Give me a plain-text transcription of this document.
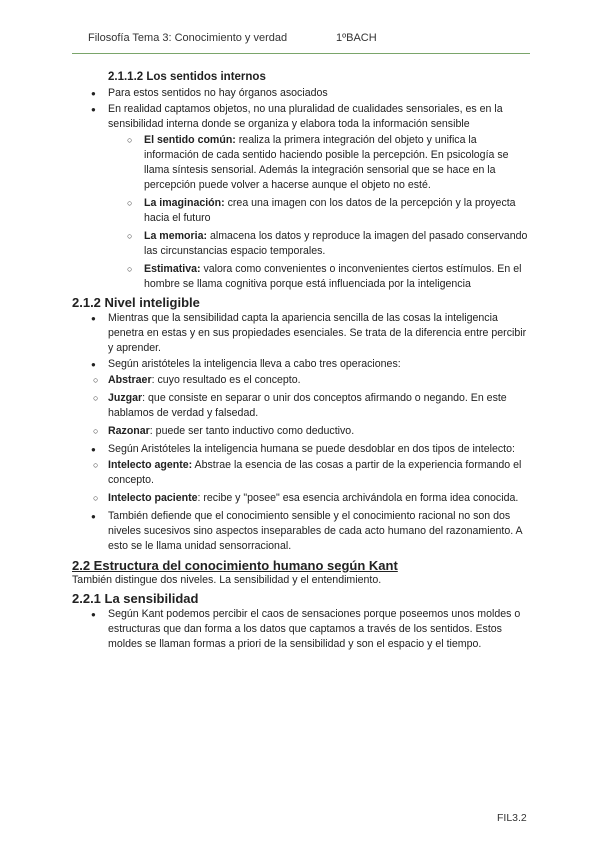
Filosofía Tema 3: Conocimiento y verdad	1ºBACH
2.1.1.2 Los sentidos internos
● Para estos sentidos no hay órganos asociados
● En realidad captamos objetos, no una pluralidad de cualidades sensoriales, es en la sensibilidad interna donde se organiza y elabora toda la información sensible
○ El sentido común: realiza la primera integración del objeto y unifica la información de cada sentido haciendo posible la percepción. En psicología se llama síntesis sensorial. Además la integración sensorial que se hace en la percepción puede volver a hacerse aunque el objeto no esté.
○ La imaginación: crea una imagen con los datos de la percepción y la proyecta hacia el futuro
○ La memoria: almacena los datos y reproduce la imagen del pasado conservando las circunstancias espacio temporales.
○ Estimativa: valora como convenientes o inconvenientes ciertos estímulos. En el hombre se llama cognitiva porque está influenciada por la inteligencia
2.1.2 Nivel inteligible
● Mientras que la sensibilidad capta la apariencia sencilla de las cosas la inteligencia penetra en estas y en sus propiedades esenciales. Se trata de la diferencia entre percibir y aprender.
● Según aristóteles la inteligencia lleva a cabo tres operaciones:
○ Abstraer: cuyo resultado es el concepto.
○ Juzgar: que consiste en separar o unir dos conceptos afirmando o negando. En este hablamos de verdad y falsedad.
○ Razonar: puede ser tanto inductivo como deductivo.
● Según Aristóteles la inteligencia humana se puede desdoblar en dos tipos de intelecto:
○ Intelecto agente: Abstrae la esencia de las cosas a partir de la experiencia formando el concepto.
○ Intelecto paciente: recibe y "posee" esa esencia archivándola en forma idea conocida.
● También defiende que el conocimiento sensible y el conocimiento racional no son dos niveles sucesivos sino aspectos inseparables de cada acto humano del razonamiento. A esto se le llama unidad sensorracional.
2.2 Estructura del conocimiento humano según Kant
También distingue dos niveles. La sensibilidad y el entendimiento.
2.2.1 La sensibilidad
● Según Kant podemos percibir el caos de sensaciones porque poseemos unos moldes o estructuras que dan forma a los datos que captamos a través de los sentidos. Estos moldes se llaman formas a priori de la sensibilidad y son el espacio y el tiempo.
FIL3.2
